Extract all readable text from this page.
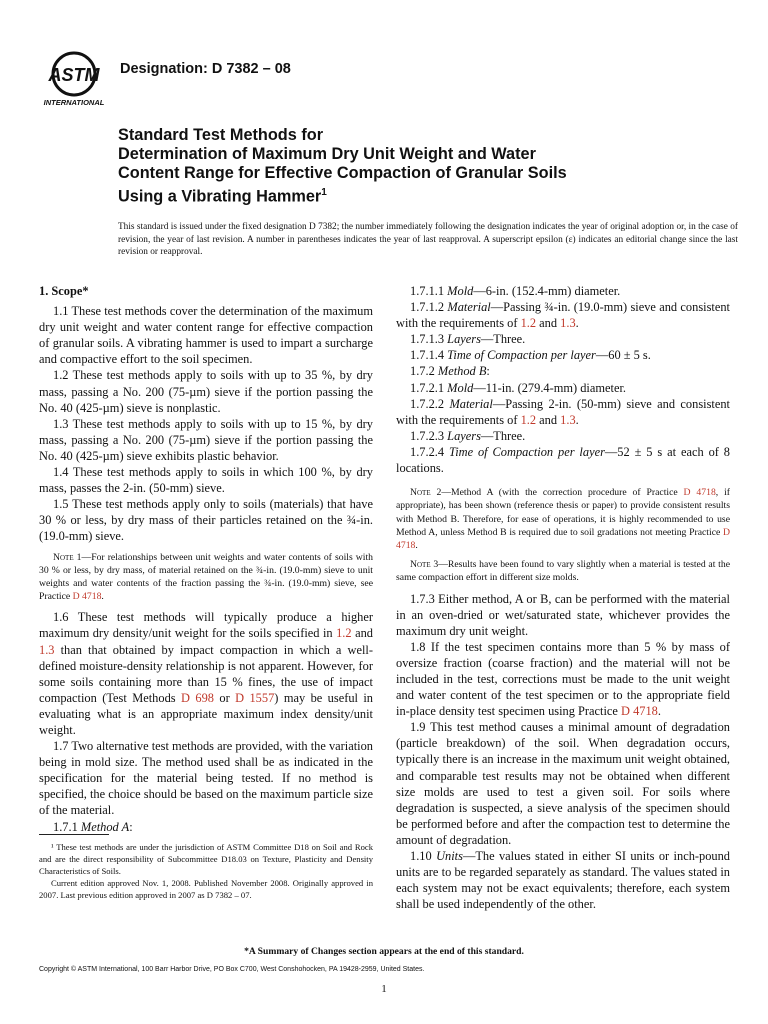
ASTM
INTERNATIONAL
Designation: D 7382 – 08
Standard Test Methods for
Determination of Maximum Dry Unit Weight and Water
Content Range for Effective Compaction of Granular Soils
Using a Vibrating Hammer$^1$
This standard is issued under the fixed designation D 7382; the number immediately following the designation indicates the year of original adoption or, in the case of revision, the year of last revision. A number in parentheses indicates the year of last reapproval. A superscript epsilon (ε) indicates an editorial change since the last revision or reapproval.

1. Scope*

1.1 These test methods cover the determination of the maximum dry unit weight and water content range for effective compaction of granular soils. A vibrating hammer is used to impart a surcharge and compactive effort to the soil specimen.

1.2 These test methods apply to soils with up to 35 %, by dry mass, passing a No. 200 (75-µm) sieve if the portion passing the No. 40 (425-µm) sieve is nonplastic.

1.3 These test methods apply to soils with up to 15 %, by dry mass, passing a No. 200 (75-µm) sieve if the portion passing the No. 40 (425-µm) sieve exhibits plastic behavior.

1.4 These test methods apply to soils in which 100 %, by dry mass, passes the 2-in. (50-mm) sieve.

1.5 These test methods apply only to soils (materials) that have 30 % or less, by dry mass of their particles retained on the ¾-in. (19.0-mm) sieve.

Note 1—For relationships between unit weights and water contents of soils with 30 % or less, by dry mass, of material retained on the ¾-in. (19.0-mm) sieve to unit weights and water contents of the fraction passing the ¾-in. (19.0-mm) sieve, see Practice D 4718.

1.6 These test methods will typically produce a higher maximum dry density/unit weight for the soils specified in 1.2 and 1.3 than that obtained by impact compaction in which a well-defined moisture-density relationship is not apparent. However, for some soils containing more than 15 % fines, the use of impact compaction (Test Methods D 698 or D 1557) may be useful in evaluating what is an appropriate maximum index density/unit weight.

1.7 Two alternative test methods are provided, with the variation being in mold size. The method used shall be as indicated in the specification for the material being tested. If no method is specified, the choice should be based on the maximum particle size of the material.

1.7.1 Method A:

¹ These test methods are under the jurisdiction of ASTM Committee D18 on Soil and Rock and are the direct responsibility of Subcommittee D18.03 on Texture, Plasticity and Density Characteristics of Soils.

Current edition approved Nov. 1, 2008. Published November 2008. Originally approved in 2007. Last previous edition approved in 2007 as D 7382 – 07.

1.7.1.1 Mold—6-in. (152.4-mm) diameter.

1.7.1.2 Material—Passing ¾-in. (19.0-mm) sieve and consistent with the requirements of 1.2 and 1.3.

1.7.1.3 Layers—Three.

1.7.1.4 Time of Compaction per layer—60 ± 5 s.

1.7.2 Method B:

1.7.2.1 Mold—11-in. (279.4-mm) diameter.

1.7.2.2 Material—Passing 2-in. (50-mm) sieve and consistent with the requirements of 1.2 and 1.3.

1.7.2.3 Layers—Three.

1.7.2.4 Time of Compaction per layer—52 ± 5 s at each of 8 locations.

Note 2—Method A (with the correction procedure of Practice D 4718, if appropriate), has been shown (reference thesis or paper) to provide consistent results with Method B. Therefore, for ease of operations, it is highly recommended to use Method A, unless Method B is required due to soil gradations not meeting Practice D 4718.

Note 3—Results have been found to vary slightly when a material is tested at the same compaction effort in different size molds.

1.7.3 Either method, A or B, can be performed with the material in an oven-dried or wet/saturated state, whichever provides the maximum dry unit weight.

1.8 If the test specimen contains more than 5 % by mass of oversize fraction (coarse fraction) and the material will not be included in the test, corrections must be made to the unit weight and water content of the test specimen or to the appropriate field in-place density test specimen using Practice D 4718.

1.9 This test method causes a minimal amount of degradation (particle breakdown) of the soil. When degradation occurs, typically there is an increase in the maximum unit weight obtained, and comparable test results may not be obtained when different size molds are used to test a given soil. For soils where degradation is suspected, a sieve analysis of the specimen should be performed before and after the compaction test to determine the amount of degradation.

1.10 Units—The values stated in either SI units or inch-pound units are to be regarded separately as standard. The values stated in each system may not be exact equivalents; therefore, each system shall be used independently of the other.

*A Summary of Changes section appears at the end of this standard.
Copyright © ASTM International, 100 Barr Harbor Drive, PO Box C700, West Conshohocken, PA 19428-2959, United States.
1
